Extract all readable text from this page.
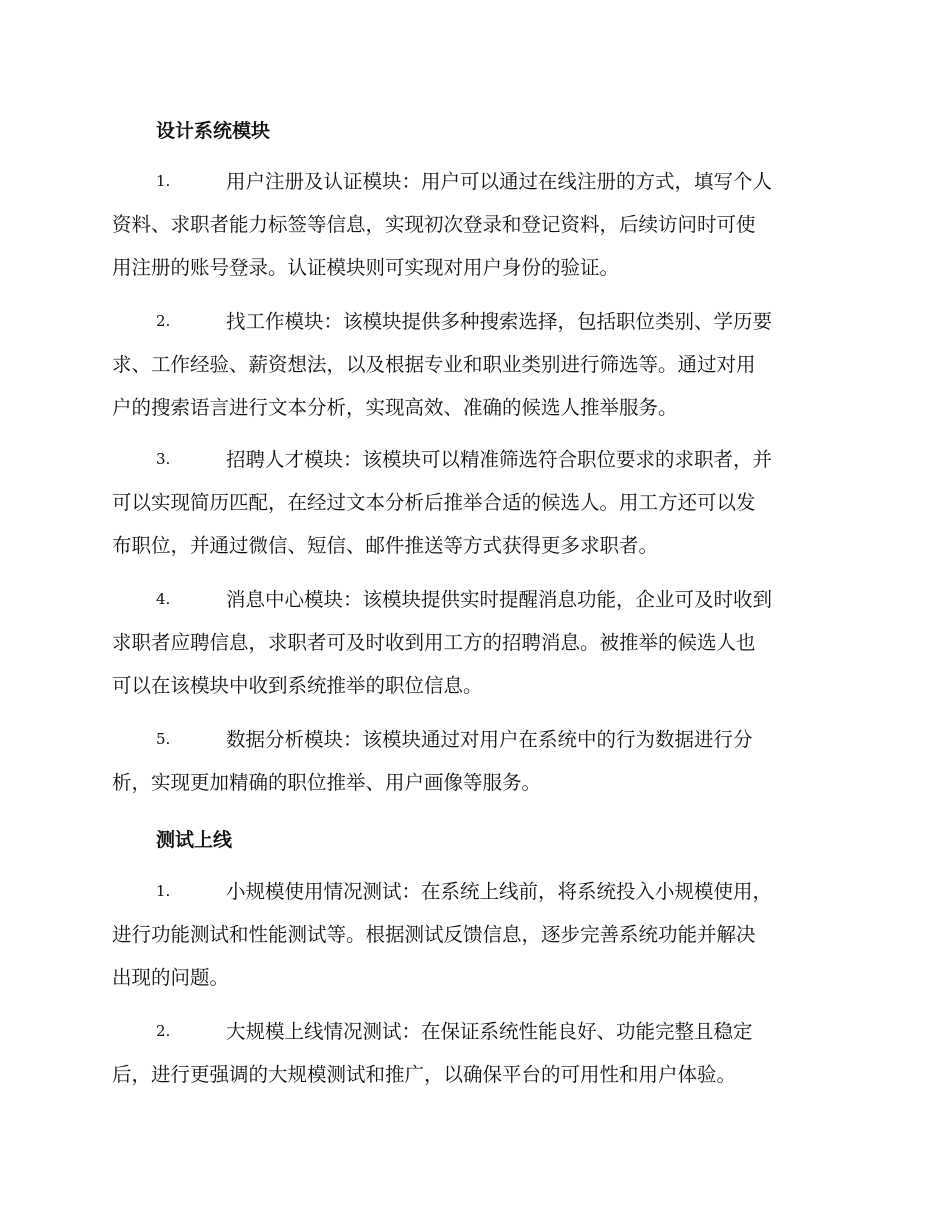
设计系统模块
1.	用户注册及认证模块：用户可以通过在线注册的方式，填写个人
资料、求职者能力标签等信息，实现初次登录和登记资料，后续访问时可使
用注册的账号登录。认证模块则可实现对用户身份的验证。
2.	找工作模块：该模块提供多种搜索选择，包括职位类别、学历要
求、工作经验、薪资想法，以及根据专业和职业类别进行筛选等。通过对用
户的搜索语言进行文本分析，实现高效、准确的候选人推举服务。
3.	招聘人才模块：该模块可以精准筛选符合职位要求的求职者，并
可以实现简历匹配，在经过文本分析后推举合适的候选人。用工方还可以发
布职位，并通过微信、短信、邮件推送等方式获得更多求职者。
4.	消息中心模块：该模块提供实时提醒消息功能，企业可及时收到
求职者应聘信息，求职者可及时收到用工方的招聘消息。被推举的候选人也
可以在该模块中收到系统推举的职位信息。
5.	数据分析模块：该模块通过对用户在系统中的行为数据进行分
析，实现更加精确的职位推举、用户画像等服务。
测试上线
1.	小规模使用情况测试：在系统上线前，将系统投入小规模使用，
进行功能测试和性能测试等。根据测试反馈信息，逐步完善系统功能并解决
出现的问题。
2.	大规模上线情况测试：在保证系统性能良好、功能完整且稳定
后，进行更强调的大规模测试和推广，以确保平台的可用性和用户体验。
